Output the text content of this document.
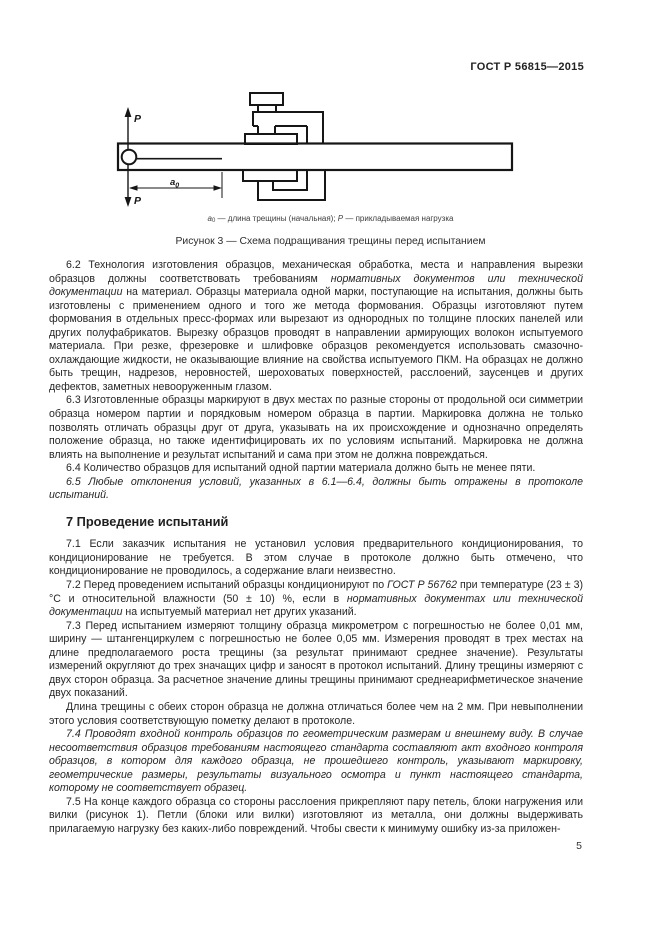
ГОСТ Р 56815—2015
P
P
$a_0$
a0 — длина трещины (начальная); P — прикладываемая нагрузка
Рисунок 3 — Схема подращивания трещины перед испытанием

6.2 Технология изготовления образцов, механическая обработка, места и направления вырезки образцов должны соответствовать требованиям нормативных документов или технической документации на материал. Образцы материала одной марки, поступающие на испытания, должны быть изготовлены с применением одного и того же метода формования. Образцы изготовляют путем формования в отдельных пресс-формах или вырезают из однородных по толщине плоских панелей или других полуфабрикатов. Вырезку образцов проводят в направлении армирующих волокон испытуемого материала. При резке, фрезеровке и шлифовке образцов рекомендуется использовать смазочно-охлаждающие жидкости, не оказывающие влияние на свойства испытуемого ПКМ. На образцах не должно быть трещин, надрезов, неровностей, шероховатых поверхностей, расслоений, заусенцев и других дефектов, заметных невооруженным глазом.

6.3 Изготовленные образцы маркируют в двух местах по разные стороны от продольной оси симметрии образца номером партии и порядковым номером образца в партии. Маркировка должна не только позволять отличать образцы друг от друга, указывать на их происхождение и однозначно определять положение образца, но также идентифицировать их по условиям испытаний. Маркировка не должна влиять на выполнение и результат испытаний и сама при этом не должна повреждаться.

6.4 Количество образцов для испытаний одной партии материала должно быть не менее пяти.

6.5 Любые отклонения условий, указанных в 6.1—6.4, должны быть отражены в протоколе испытаний.

7 Проведение испытаний

7.1 Если заказчик испытания не установил условия предварительного кондиционирования, то кондиционирование не требуется. В этом случае в протоколе должно быть отмечено, что кондиционирование не проводилось, а содержание влаги неизвестно.

7.2 Перед проведением испытаний образцы кондиционируют по ГОСТ Р 56762 при температуре (23 ± 3) °С и относительной влажности (50 ± 10) %, если в нормативных документах или технической документации на испытуемый материал нет других указаний.

7.3 Перед испытанием измеряют толщину образца микрометром с погрешностью не более 0,01 мм, ширину — штангенциркулем с погрешностью не более 0,05 мм. Измерения проводят в трех местах на длине предполагаемого роста трещины (за результат принимают среднее значение). Результаты измерений округляют до трех значащих цифр и заносят в протокол испытаний. Длину трещины измеряют с двух сторон образца. За расчетное значение длины трещины принимают среднеарифметическое значение двух показаний.

Длина трещины с обеих сторон образца не должна отличаться более чем на 2 мм. При невыполнении этого условия соответствующую пометку делают в протоколе.

7.4 Проводят входной контроль образцов по геометрическим размерам и внешнему виду. В случае несоответствия образцов требованиям настоящего стандарта составляют акт входного контроля образцов, в котором для каждого образца, не прошедшего контроль, указывают маркировку, геометрические размеры, результаты визуального осмотра и пункт настоящего стандарта, которому не соответствует образец.

7.5 На конце каждого образца со стороны расслоения прикрепляют пару петель, блоки нагружения или вилки (рисунок 1). Петли (блоки или вилки) изготовляют из металла, они должны выдерживать прилагаемую нагрузку без каких-либо повреждений. Чтобы свести к минимуму ошибку из-за приложен-

5
